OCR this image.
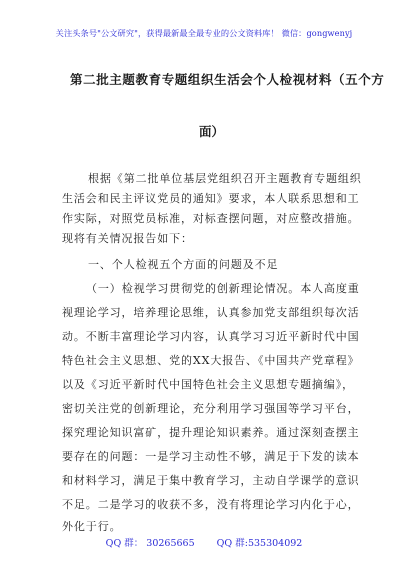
关注头条号"公文研究"，获得最新最全最专业的公文资料库！ 微信：gongwenyj
第二批主题教育专题组织生活会个人检视材料（五个方
面）
根据《第二批单位基层党组织召开主题教育专题组织
生活会和民主评议党员的通知》要求，本人联系思想和工
作实际，对照党员标准，对标查摆问题，对应整改措施。
现将有关情况报告如下：
一、个人检视五个方面的问题及不足
（一）检视学习贯彻党的创新理论情况。本人高度重
视理论学习，培养理论思维，认真参加党支部组织每次活
动。不断丰富理论学习内容，认真学习习近平新时代中国
特色社会主义思想、党的XX大报告、《中国共产党章程》
以及《习近平新时代中国特色社会主义思想专题摘编》，
密切关注党的创新理论，充分利用学习强国等学习平台，
探究理论知识富矿，提升理论知识素养。通过深刻查摆主
要存在的问题：一是学习主动性不够，满足于下发的读本
和材料学习，满足于集中教育学习，主动自学课学的意识
不足。二是学习的收获不多，没有将理论学习内化于心，
外化于行。
QQ 群： 30265665 QQ 群:535304092
